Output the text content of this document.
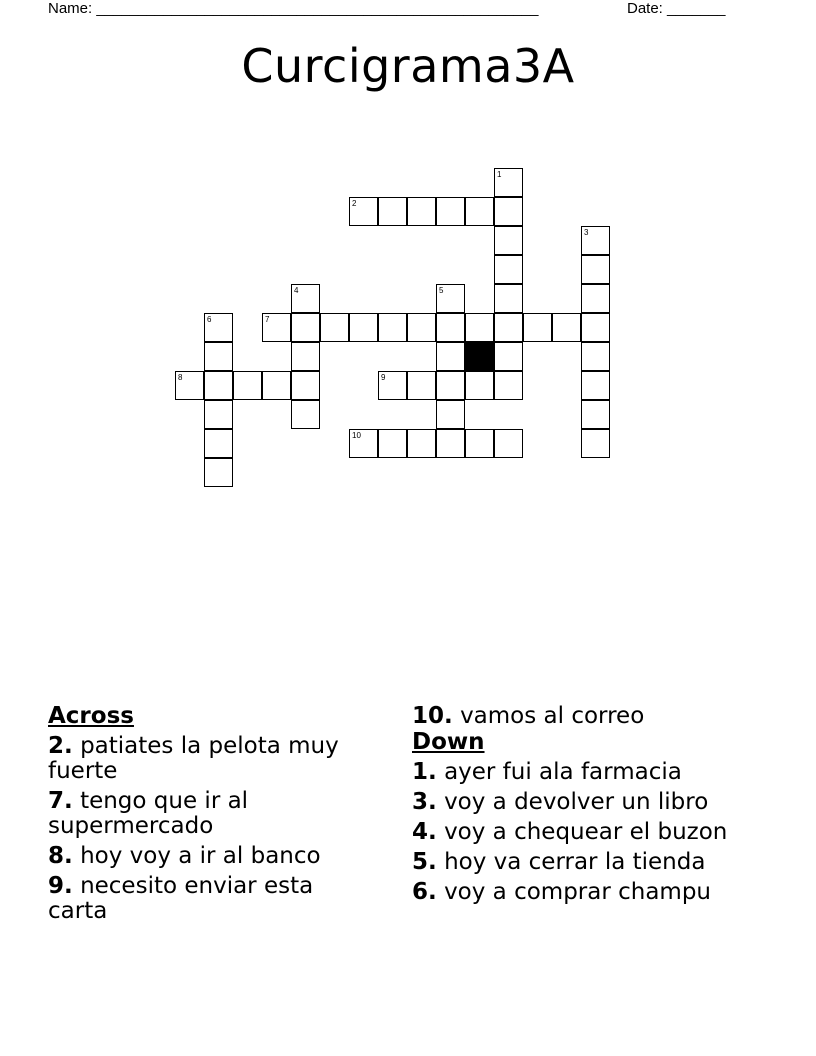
Name: _____________________________________________________	Date: _______
Curcigrama3A
1
2
3
4	5
6	7
8	9
10
Across
2. patiates la pelota muy fuerte
7. tengo que ir al supermercado
8. hoy voy a ir al banco
9. necesito enviar esta carta
10. vamos al correo
Down
1. ayer fui ala farmacia
3. voy a devolver un libro
4. voy a chequear el buzon
5. hoy va cerrar la tienda
6. voy a comprar champu
